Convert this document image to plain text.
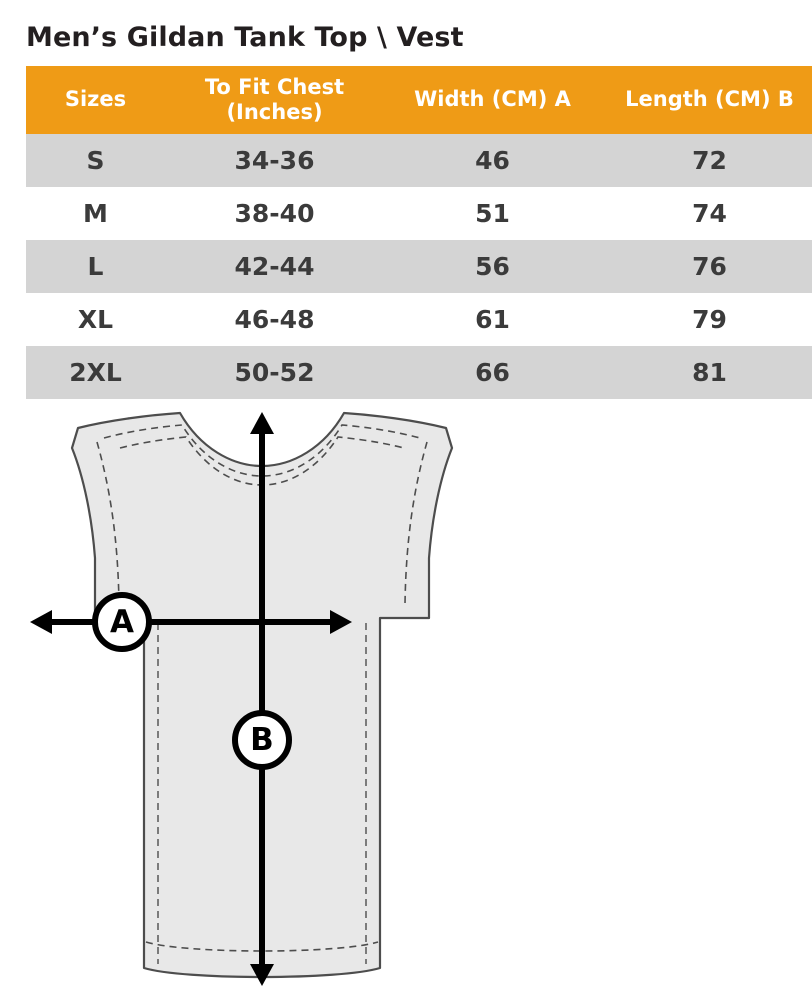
Men’s Gildan Tank Top \ Vest
Sizes	To Fit Chest (Inches)	Width (CM) A	Length (CM) B
S	34-36	46	72
M	38-40	51	74
L	42-44	56	76
XL	46-48	61	79
2XL	50-52	66	81
A
B
